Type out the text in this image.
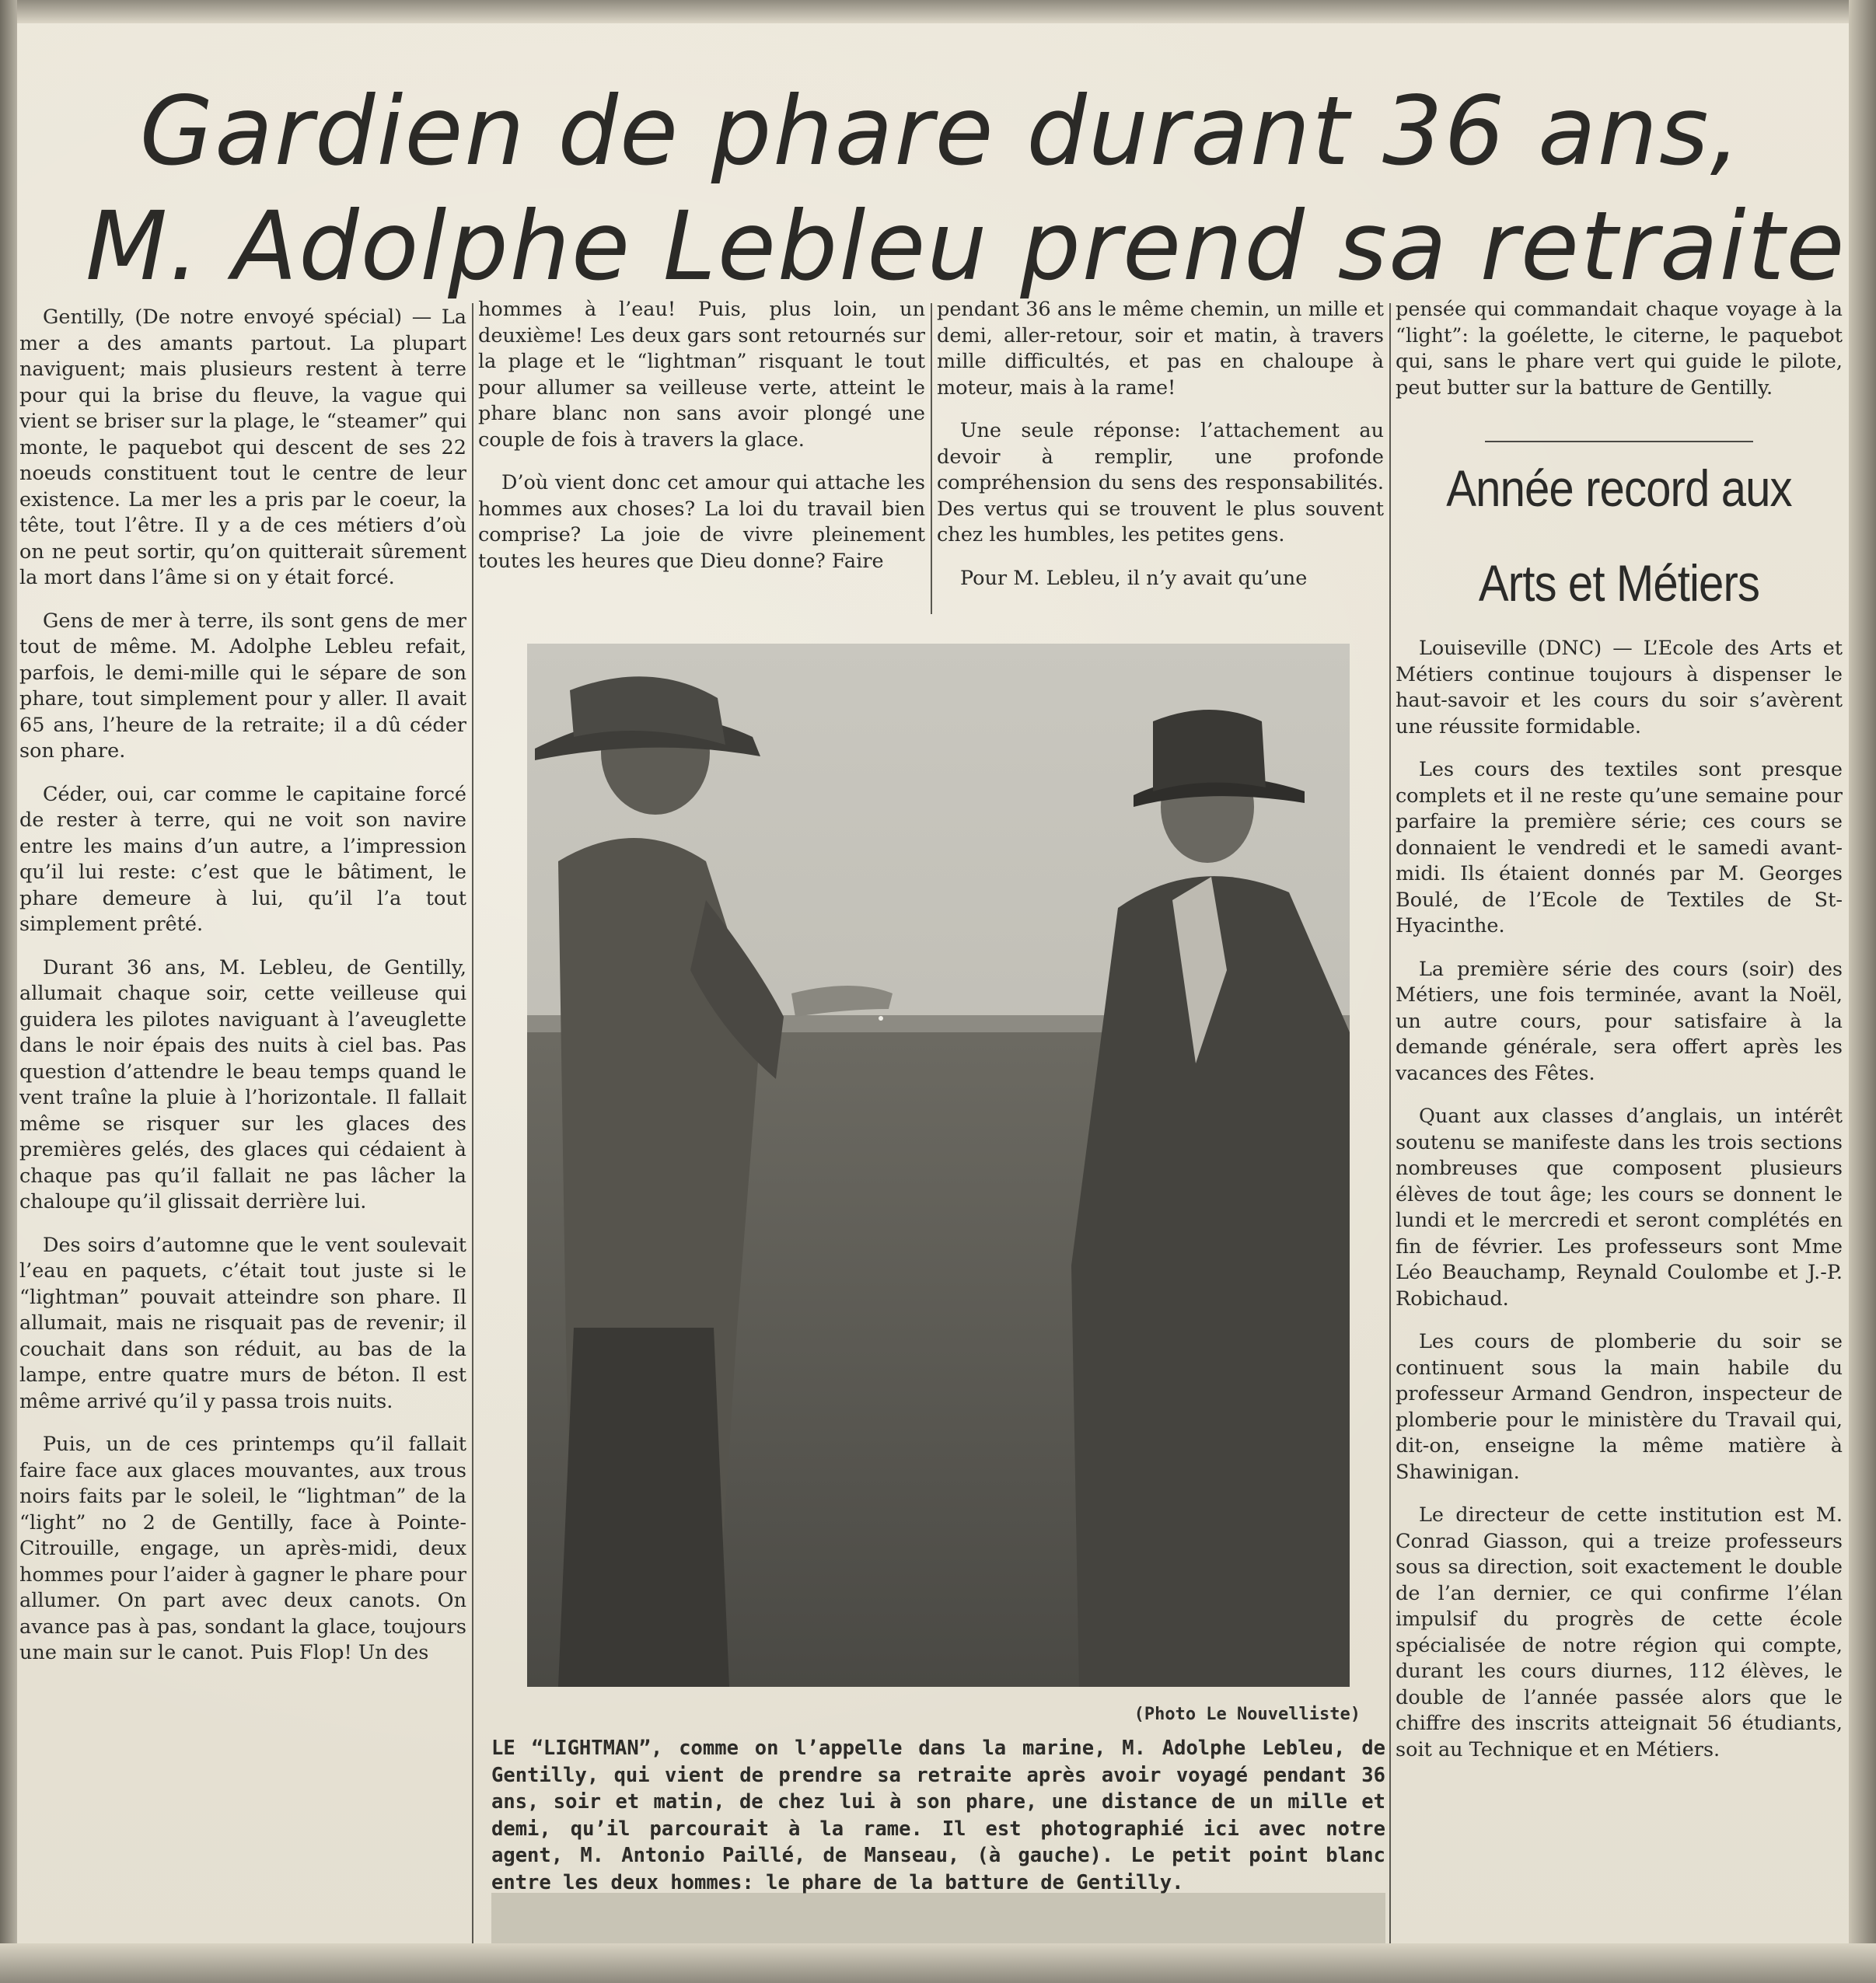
Gardien de phare durant 36 ans,
M. Adolphe Lebleu prend sa retraite

Gentilly, (De notre envoyé spécial) — La mer a des amants partout. La plupart naviguent; mais plusieurs restent à terre pour qui la brise du fleuve, la vague qui vient se briser sur la plage, le “steamer” qui monte, le paquebot qui descent de ses 22 noeuds constituent tout le centre de leur existence. La mer les a pris par le coeur, la tête, tout l’être. Il y a de ces métiers d’où on ne peut sortir, qu’on quitterait sûrement la mort dans l’âme si on y était forcé.

Gens de mer à terre, ils sont gens de mer tout de même. M. Adolphe Lebleu refait, parfois, le demi-mille qui le sépare de son phare, tout simplement pour y aller. Il avait 65 ans, l’heure de la retraite; il a dû céder son phare.

Céder, oui, car comme le capitaine forcé de rester à terre, qui ne voit son navire entre les mains d’un autre, a l’impression qu’il lui reste: c’est que le bâtiment, le phare demeure à lui, qu’il l’a tout simplement prêté.

Durant 36 ans, M. Lebleu, de Gentilly, allumait chaque soir, cette veilleuse qui guidera les pilotes naviguant à l’aveuglette dans le noir épais des nuits à ciel bas. Pas question d’attendre le beau temps quand le vent traîne la pluie à l’horizontale. Il fallait même se risquer sur les glaces des premières gelés, des glaces qui cédaient à chaque pas qu’il fallait ne pas lâcher la chaloupe qu’il glissait derrière lui.

Des soirs d’automne que le vent soulevait l’eau en paquets, c’était tout juste si le “lightman” pouvait atteindre son phare. Il allumait, mais ne risquait pas de revenir; il couchait dans son réduit, au bas de la lampe, entre quatre murs de béton. Il est même arrivé qu’il y passa trois nuits.

Puis, un de ces printemps qu’il fallait faire face aux glaces mouvantes, aux trous noirs faits par le soleil, le “lightman” de la “light” no 2 de Gentilly, face à Pointe-Citrouille, engage, un après-midi, deux hommes pour l’aider à gagner le phare pour allumer. On part avec deux canots. On avance pas à pas, sondant la glace, toujours une main sur le canot. Puis Flop! Un des

hommes à l’eau! Puis, plus loin, un deuxième! Les deux gars sont retournés sur la plage et le “lightman” risquant le tout pour allumer sa veilleuse verte, atteint le phare blanc non sans avoir plongé une couple de fois à travers la glace.

D’où vient donc cet amour qui attache les hommes aux choses? La loi du travail bien comprise? La joie de vivre pleinement toutes les heures que Dieu donne? Faire

pendant 36 ans le même chemin, un mille et demi, aller-retour, soir et matin, à travers mille difficultés, et pas en chaloupe à moteur, mais à la rame!

Une seule réponse: l’attachement au devoir à remplir, une profonde compréhension du sens des responsabilités. Des vertus qui se trouvent le plus souvent chez les humbles, les petites gens.

Pour M. Lebleu, il n’y avait qu’une

pensée qui commandait chaque voyage à la “light”: la goélette, le citerne, le paquebot qui, sans le phare vert qui guide le pilote, peut butter sur la batture de Gentilly.

Année record aux
Arts et Métiers

Louiseville (DNC) — L’Ecole des Arts et Métiers continue toujours à dispenser le haut-savoir et les cours du soir s’avèrent une réussite formidable.

Les cours des textiles sont presque complets et il ne reste qu’une semaine pour parfaire la première série; ces cours se donnaient le vendredi et le samedi avant-midi. Ils étaient donnés par M. Georges Boulé, de l’Ecole de Textiles de St-Hyacinthe.

La première série des cours (soir) des Métiers, une fois terminée, avant la Noël, un autre cours, pour satisfaire à la demande générale, sera offert après les vacances des Fêtes.

Quant aux classes d’anglais, un intérêt soutenu se manifeste dans les trois sections nombreuses que composent plusieurs élèves de tout âge; les cours se donnent le lundi et le mercredi et seront complétés en fin de février. Les professeurs sont Mme Léo Beauchamp, Reynald Coulombe et J.-P. Robichaud.

Les cours de plomberie du soir se continuent sous la main habile du professeur Armand Gendron, inspecteur de plomberie pour le ministère du Travail qui, dit-on, enseigne la même matière à Shawinigan.

Le directeur de cette institution est M. Conrad Giasson, qui a treize professeurs sous sa direction, soit exactement le double de l’an dernier, ce qui confirme l’élan impulsif du progrès de cette école spécialisée de notre région qui compte, durant les cours diurnes, 112 élèves, le double de l’année passée alors que le chiffre des inscrits atteignait 56 étudiants, soit au Technique et en Métiers.

(Photo Le Nouvelliste)
LE “LIGHTMAN”, comme on l’appelle dans la marine, M. Adolphe Lebleu, de Gentilly, qui vient de prendre sa retraite après avoir voyagé pendant 36 ans, soir et matin, de chez lui à son phare, une distance de un mille et demi, qu’il parcourait à la rame. Il est photographié ici avec notre agent, M. Antonio Paillé, de Manseau, (à gauche). Le petit point blanc entre les deux hommes: le phare de la batture de Gentilly.
